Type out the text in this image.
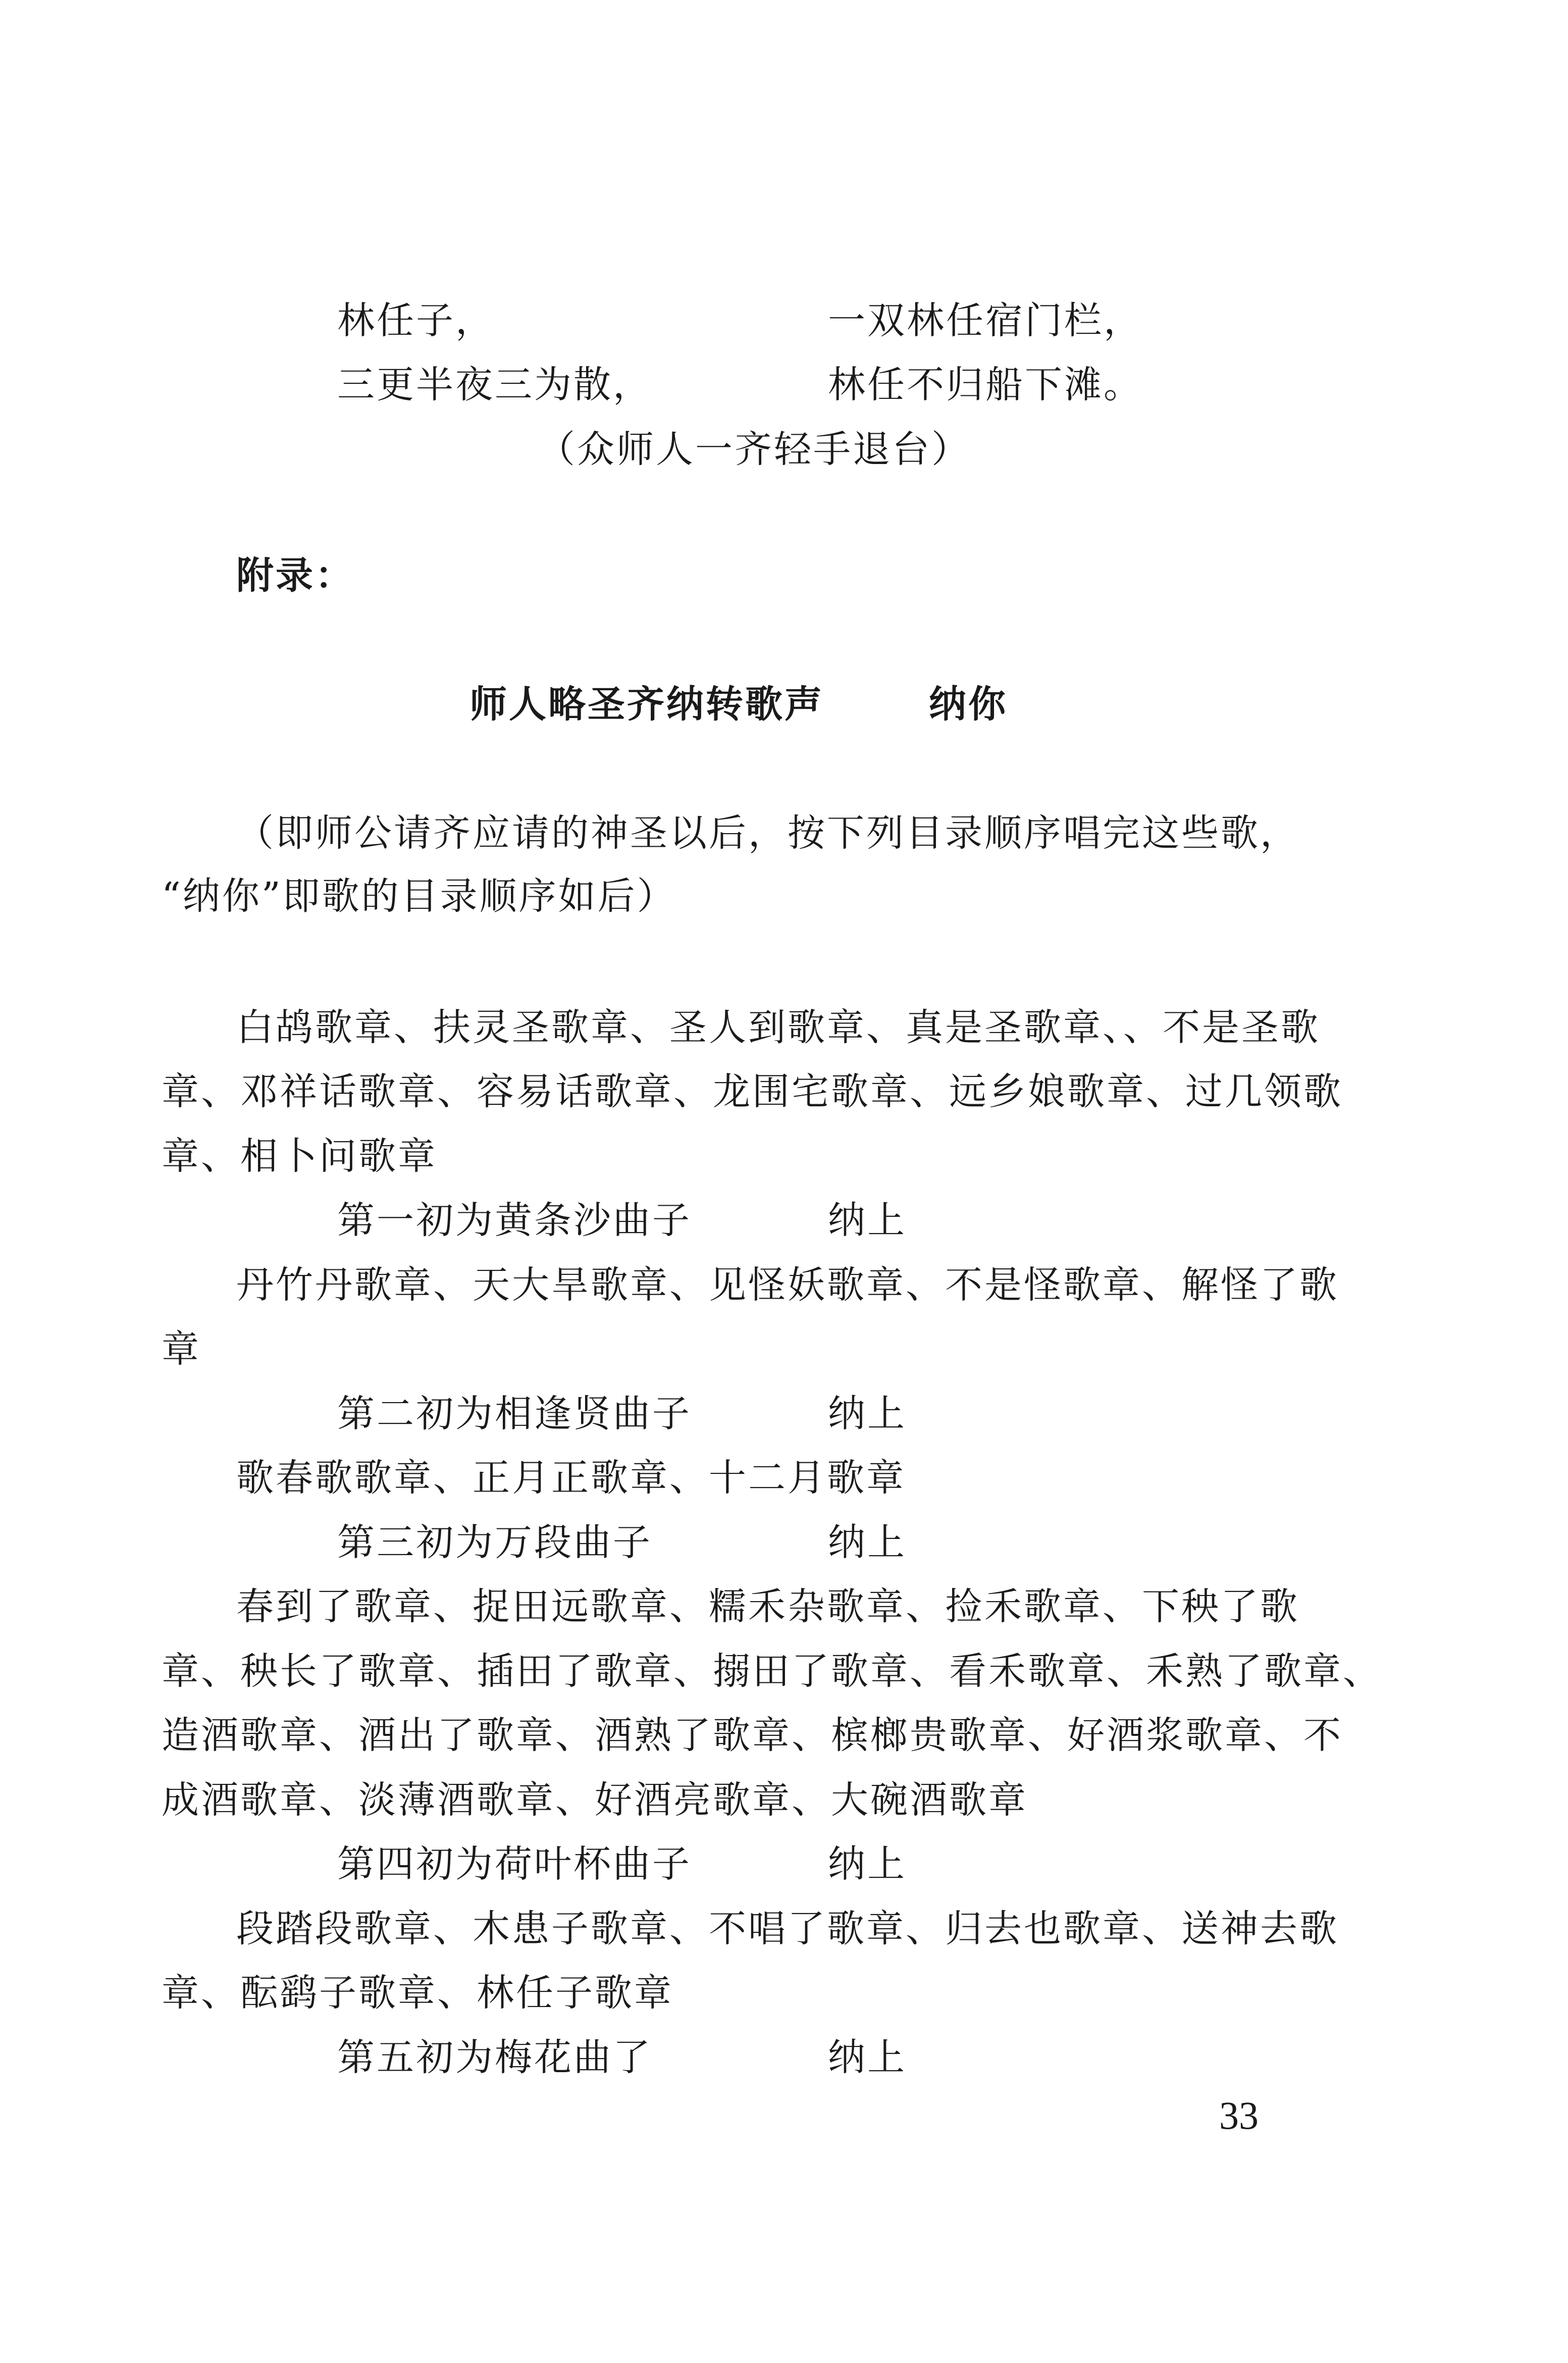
林任子，	一双林任宿门栏，
三更半夜三为散，	林任不归船下滩。
（众师人一齐轻手退台）
附录：
师人略圣齐纳转歌声	纳你
（即师公请齐应请的神圣以后，按下列目录顺序唱完这些歌，
“纳你”即歌的目录顺序如后）
白鸪歌章、扶灵圣歌章、圣人到歌章、真是圣歌章、、不是圣歌
章、邓祥话歌章、容易话歌章、龙围宅歌章、远乡娘歌章、过几领歌
章、相卜问歌章
第一初为黄条沙曲子	纳上
丹竹丹歌章、天大旱歌章、见怪妖歌章、不是怪歌章、解怪了歌
章
第二初为相逢贤曲子	纳上
歌春歌歌章、正月正歌章、十二月歌章
第三初为万段曲子	纳上
春到了歌章、捉田远歌章、糯禾杂歌章、捡禾歌章、下秧了歌
章、秧长了歌章、插田了歌章、搦田了歌章、看禾歌章、禾熟了歌章、
造酒歌章、酒出了歌章、酒熟了歌章、槟榔贵歌章、好酒浆歌章、不
成酒歌章、淡薄酒歌章、好酒亮歌章、大碗酒歌章
第四初为荷叶杯曲子	纳上
段踏段歌章、木患子歌章、不唱了歌章、归去也歌章、送神去歌
章、酝鹞子歌章、林任子歌章
第五初为梅花曲了	纳上
33
